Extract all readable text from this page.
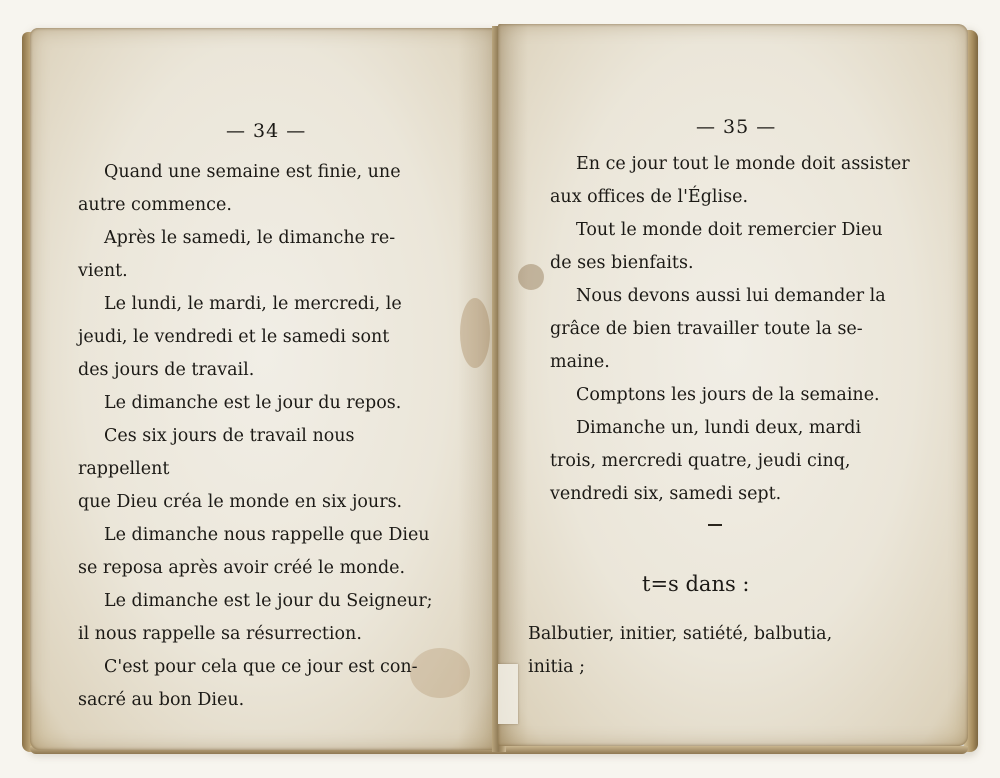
— 34 —

Quand une semaine est finie, une
autre commence.

Après le samedi, le dimanche re-
vient.

Le lundi, le mardi, le mercredi, le
jeudi, le vendredi et le samedi sont
des jours de travail.

Le dimanche est le jour du repos.

Ces six jours de travail nous rappellent
que Dieu créa le monde en six jours.

Le dimanche nous rappelle que Dieu
se reposa après avoir créé le monde.

Le dimanche est le jour du Seigneur;
il nous rappelle sa résurrection.

C'est pour cela que ce jour est con-
sacré au bon Dieu.

— 35 —

En ce jour tout le monde doit assister
aux offices de l'Église.

Tout le monde doit remercier Dieu
de ses bienfaits.

Nous devons aussi lui demander la
grâce de bien travailler toute la se-
maine.

Comptons les jours de la semaine.

Dimanche un, lundi deux, mardi
trois, mercredi quatre, jeudi cinq,
vendredi six, samedi sept.

t=s dans :
Balbutier, initier, satiété, balbutia,
initia ;
